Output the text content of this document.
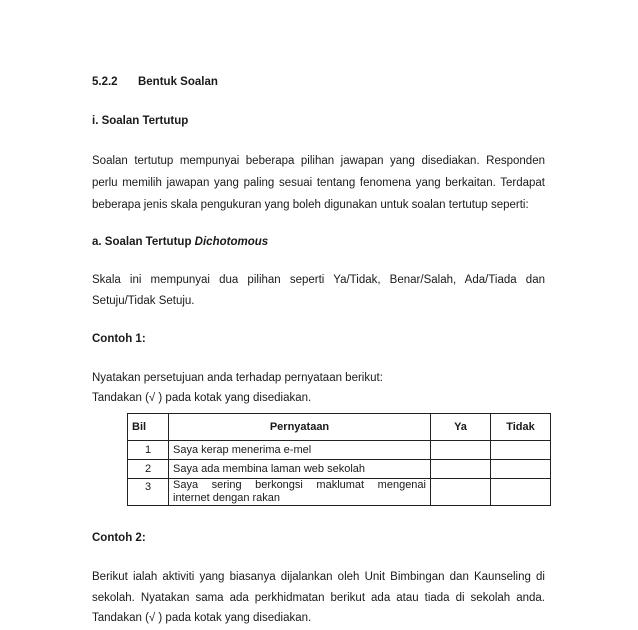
5.2.2 Bentuk Soalan
i. Soalan Tertutup
Soalan tertutup mempunyai beberapa pilihan jawapan yang disediakan. Responden
perlu memilih jawapan yang paling sesuai tentang fenomena yang berkaitan. Terdapat
beberapa jenis skala pengukuran yang boleh digunakan untuk soalan tertutup seperti:
a. Soalan Tertutup Dichotomous
Skala ini mempunyai dua pilihan seperti Ya/Tidak, Benar/Salah, Ada/Tiada dan
Setuju/Tidak Setuju.
Contoh 1:
Nyatakan persetujuan anda terhadap pernyataan berikut:
Tandakan (√ ) pada kotak yang disediakan.
Bil	Pernyataan	Ya	Tidak
1	Saya kerap menerima e-mel		
2	Saya ada membina laman web sekolah		
3	Saya sering berkongsi maklumat mengenai
internet dengan rakan		

Contoh 2:
Berikut ialah aktiviti yang biasanya dijalankan oleh Unit Bimbingan dan Kaunseling di
sekolah. Nyatakan sama ada perkhidmatan berikut ada atau tiada di sekolah anda.
Tandakan (√ ) pada kotak yang disediakan.
